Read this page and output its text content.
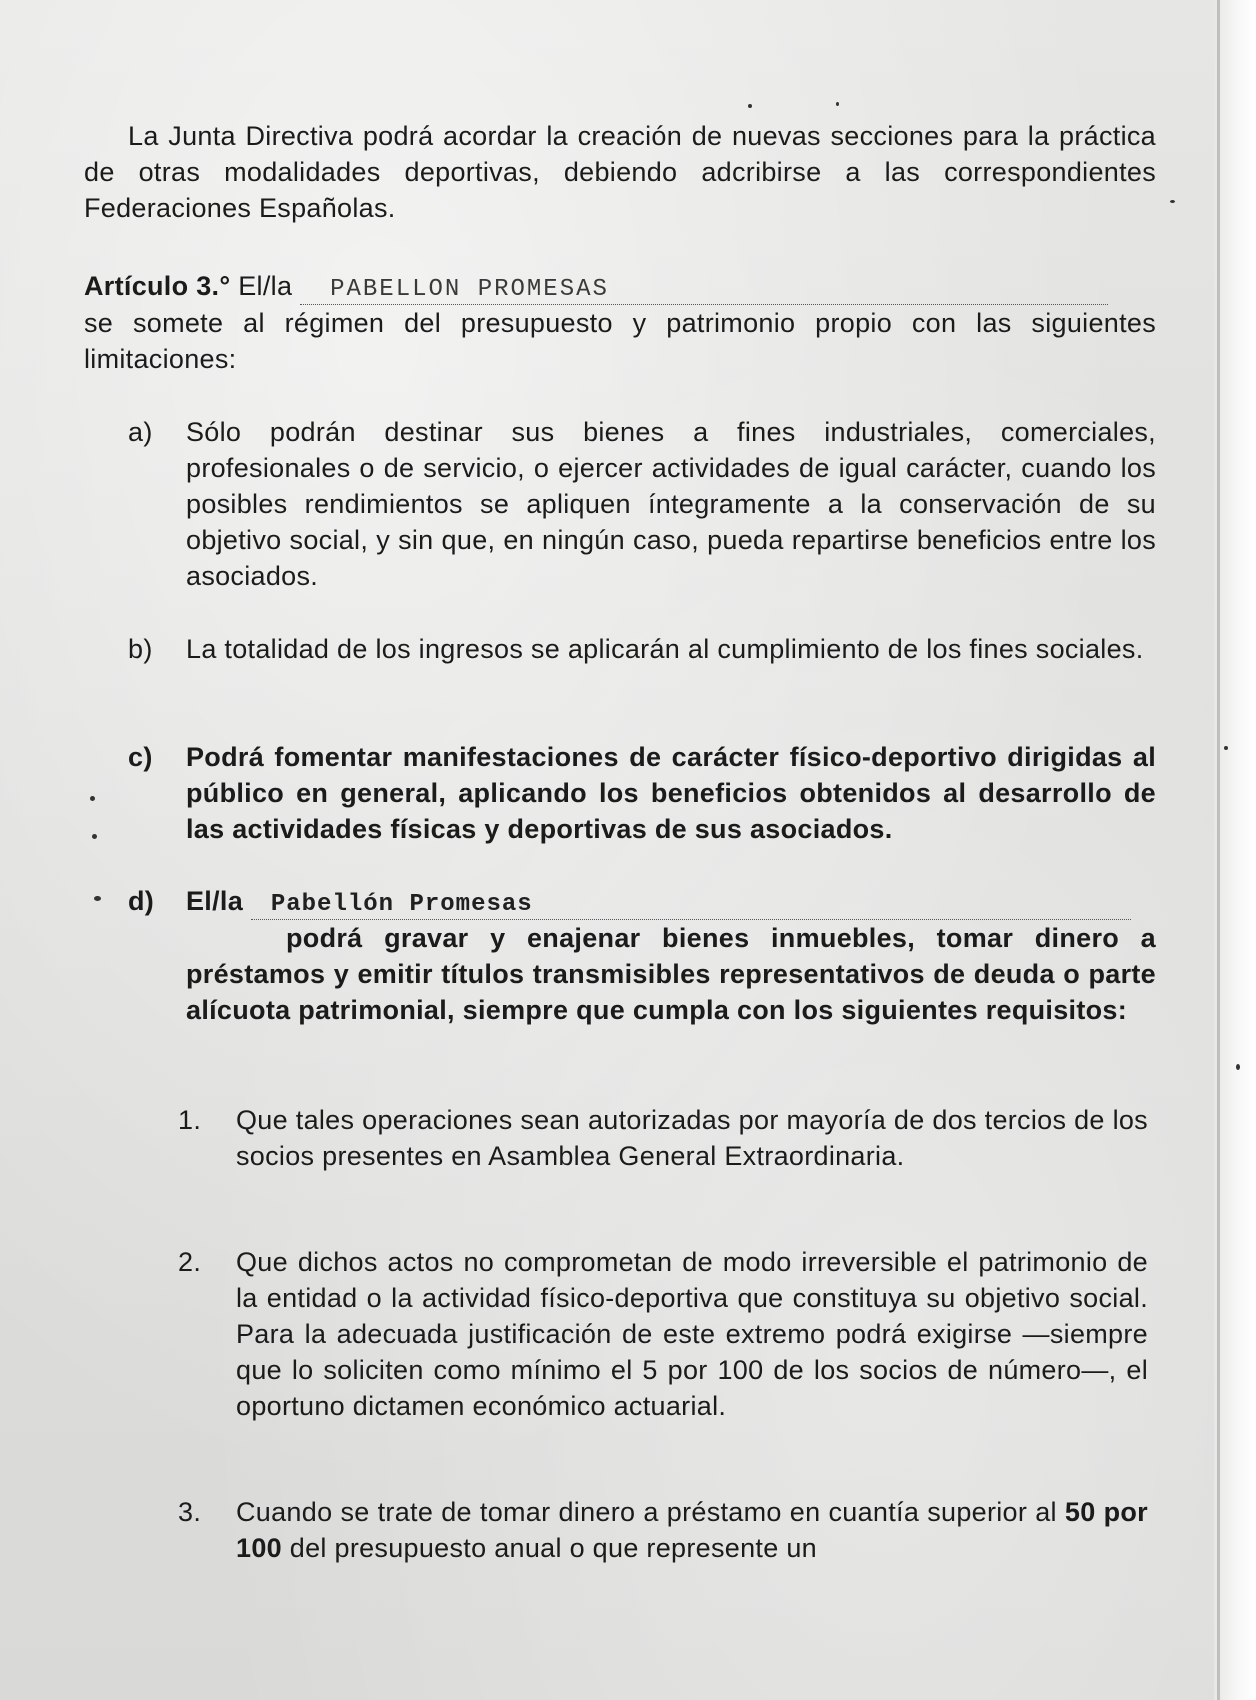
La Junta Directiva podrá acordar la creación de nuevas secciones para la práctica de otras modalidades deportivas, debiendo adcribirse a las correspondientes Federaciones Españolas.

Artículo 3.° El/la PABELLON PROMESAS

se somete al régimen del presupuesto y patrimonio propio con las siguientes limitaciones:

a) Sólo podrán destinar sus bienes a fines industriales, comerciales, profesionales o de servicio, o ejercer actividades de igual carácter, cuando los posibles rendimientos se apliquen íntegramente a la conservación de su objetivo social, y sin que, en ningún caso, pueda repartirse beneficios entre los asociados.

b) La totalidad de los ingresos se aplicarán al cumplimiento de los fines sociales.

c) Podrá fomentar manifestaciones de carácter físico-deportivo dirigidas al público en general, aplicando los beneficios obtenidos al desarrollo de las actividades físicas y deportivas de sus asociados.

d) El/la Pabellón Promesas

podrá gravar y enajenar bienes inmuebles, tomar dinero a préstamos y emitir títulos transmisibles representativos de deuda o parte alícuota patrimonial, siempre que cumpla con los siguientes requisitos:

1. Que tales operaciones sean autorizadas por mayoría de dos tercios de los socios presentes en Asamblea General Extraordinaria.

2. Que dichos actos no comprometan de modo irreversible el patrimonio de la entidad o la actividad físico-deportiva que constituya su objetivo social. Para la adecuada justificación de este extremo podrá exigirse —siempre que lo soliciten como mínimo el 5 por 100 de los socios de número—, el oportuno dictamen económico actuarial.

3. Cuando se trate de tomar dinero a préstamo en cuantía superior al 50 por 100 del presupuesto anual o que represente un
